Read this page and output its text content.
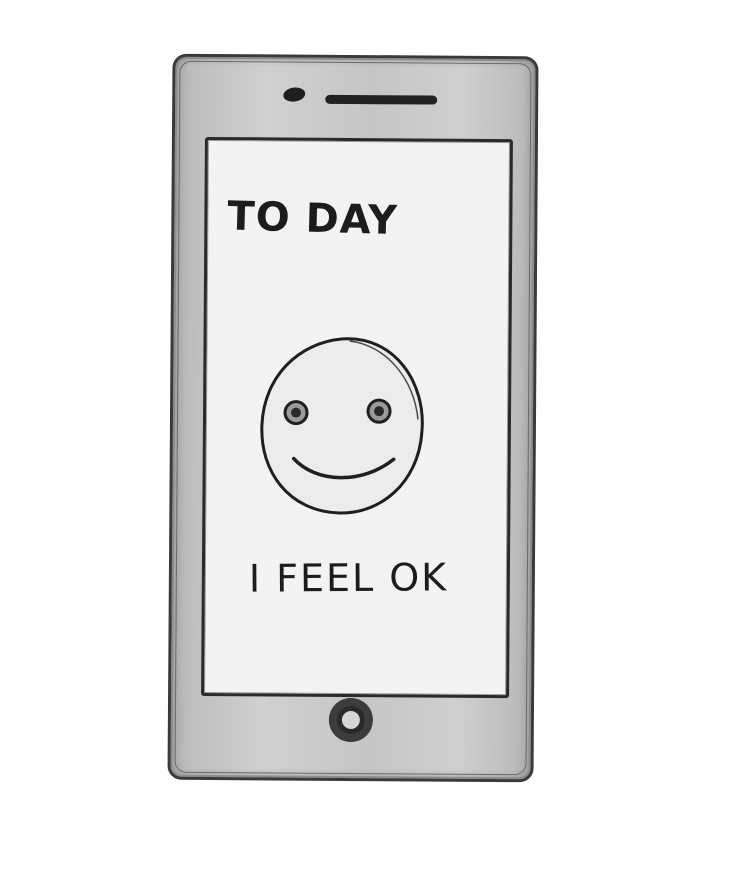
TO DAY

I FEEL OK
